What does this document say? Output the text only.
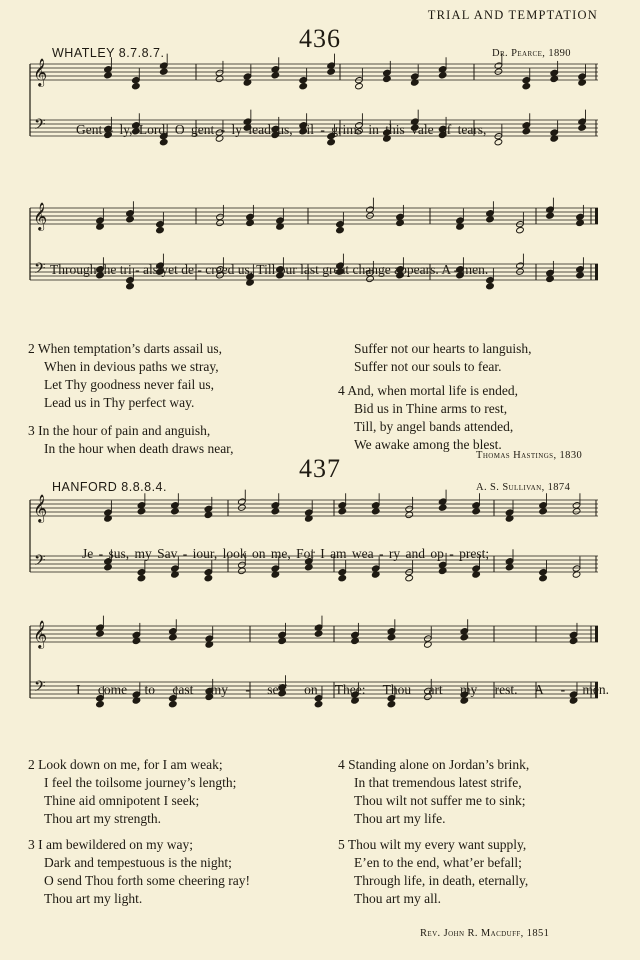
TRIAL AND TEMPTATION
436
WHATLEY 8.7.8.7.	Dr. Pearce, 1890
𝄞
𝄢 Gent - ly, Lord, O gent - ly lead us, Pil - grims in this vale of tears,
𝄞
𝄢 Through the tri - als yet de - creed us, Till our last great change appears. A - men.
2 When temptation’s darts assail us,
When in devious paths we stray,
Let Thy goodness never fail us,
Lead us in Thy perfect way.
3 In the hour of pain and anguish,
In the hour when death draws near,
Suffer not our hearts to languish,
Suffer not our souls to fear.
4 And, when mortal life is ended,
Bid us in Thine arms to rest,
Till, by angel bands attended,
We awake among the blest.
Thomas Hastings, 1830
437
HANFORD 8.8.8.4.	A. S. Sullivan, 1874
𝄞
𝄢	Je - sus, my Sav - iour, look on me, For I am wea - ry and op - prest;
𝄞
𝄢 I come to cast my - self on Thee: Thou art my rest. A - men.
2 Look down on me, for I am weak;
I feel the toilsome journey’s length;
Thine aid omnipotent I seek;
Thou art my strength.
3 I am bewildered on my way;
Dark and tempestuous is the night;
O send Thou forth some cheering ray!
Thou art my light.
4 Standing alone on Jordan’s brink,
In that tremendous latest strife,
Thou wilt not suffer me to sink;
Thou art my life.
5 Thou wilt my every want supply,
E’en to the end, what’er befall;
Through life, in death, eternally,
Thou art my all.
Rev. John R. Macduff, 1851
